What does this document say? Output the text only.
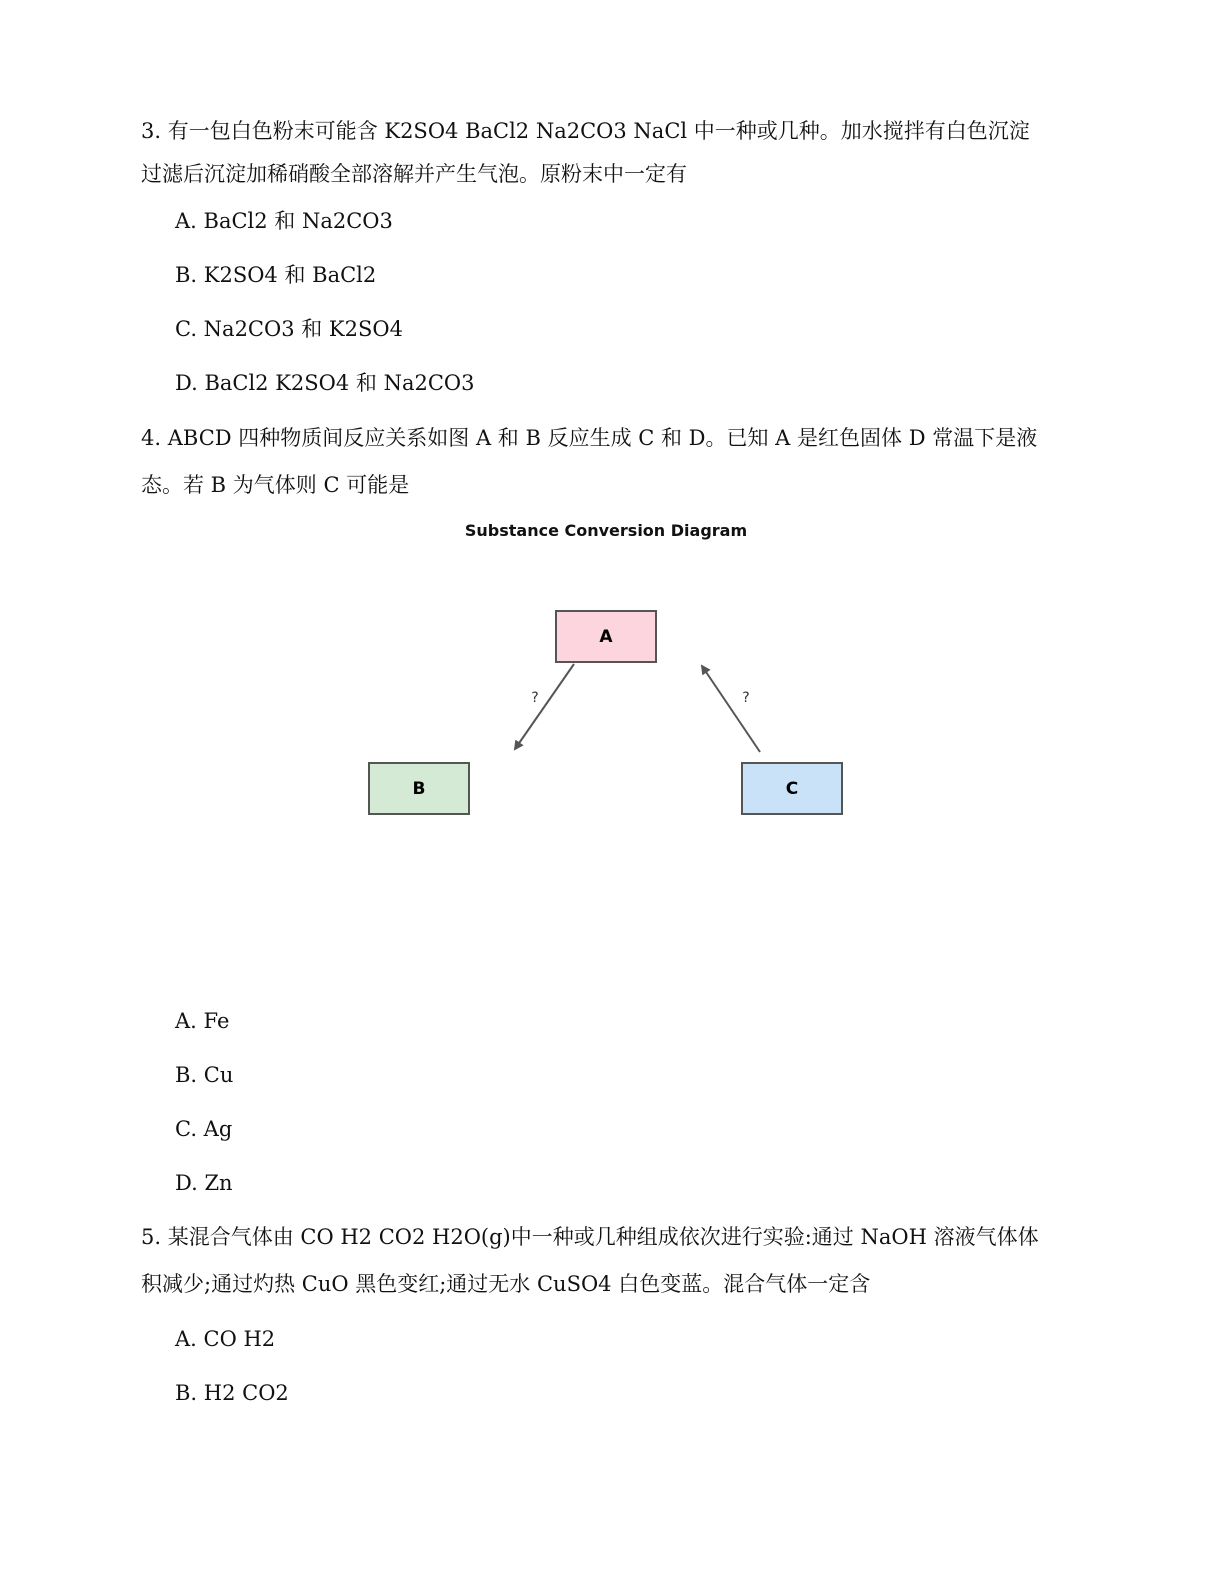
3. 有一包白色粉末可能含 K2SO4 BaCl2 Na2CO3 NaCl 中一种或几种。加水搅拌有白色沉淀
过滤后沉淀加稀硝酸全部溶解并产生气泡。原粉末中一定有
A. BaCl2 和 Na2CO3
B. K2SO4 和 BaCl2
C. Na2CO3 和 K2SO4
D. BaCl2 K2SO4 和 Na2CO3
4. ABCD 四种物质间反应关系如图 A 和 B 反应生成 C 和 D。已知 A 是红色固体 D 常温下是液
态。若 B 为气体则 C 可能是
Substance Conversion Diagram
A
B	C
?	?
A. Fe
B. Cu
C. Ag
D. Zn
5. 某混合气体由 CO H2 CO2 H2O(g)中一种或几种组成依次进行实验:通过 NaOH 溶液气体体
积减少;通过灼热 CuO 黑色变红;通过无水 CuSO4 白色变蓝。混合气体一定含
A. CO H2
B. H2 CO2
